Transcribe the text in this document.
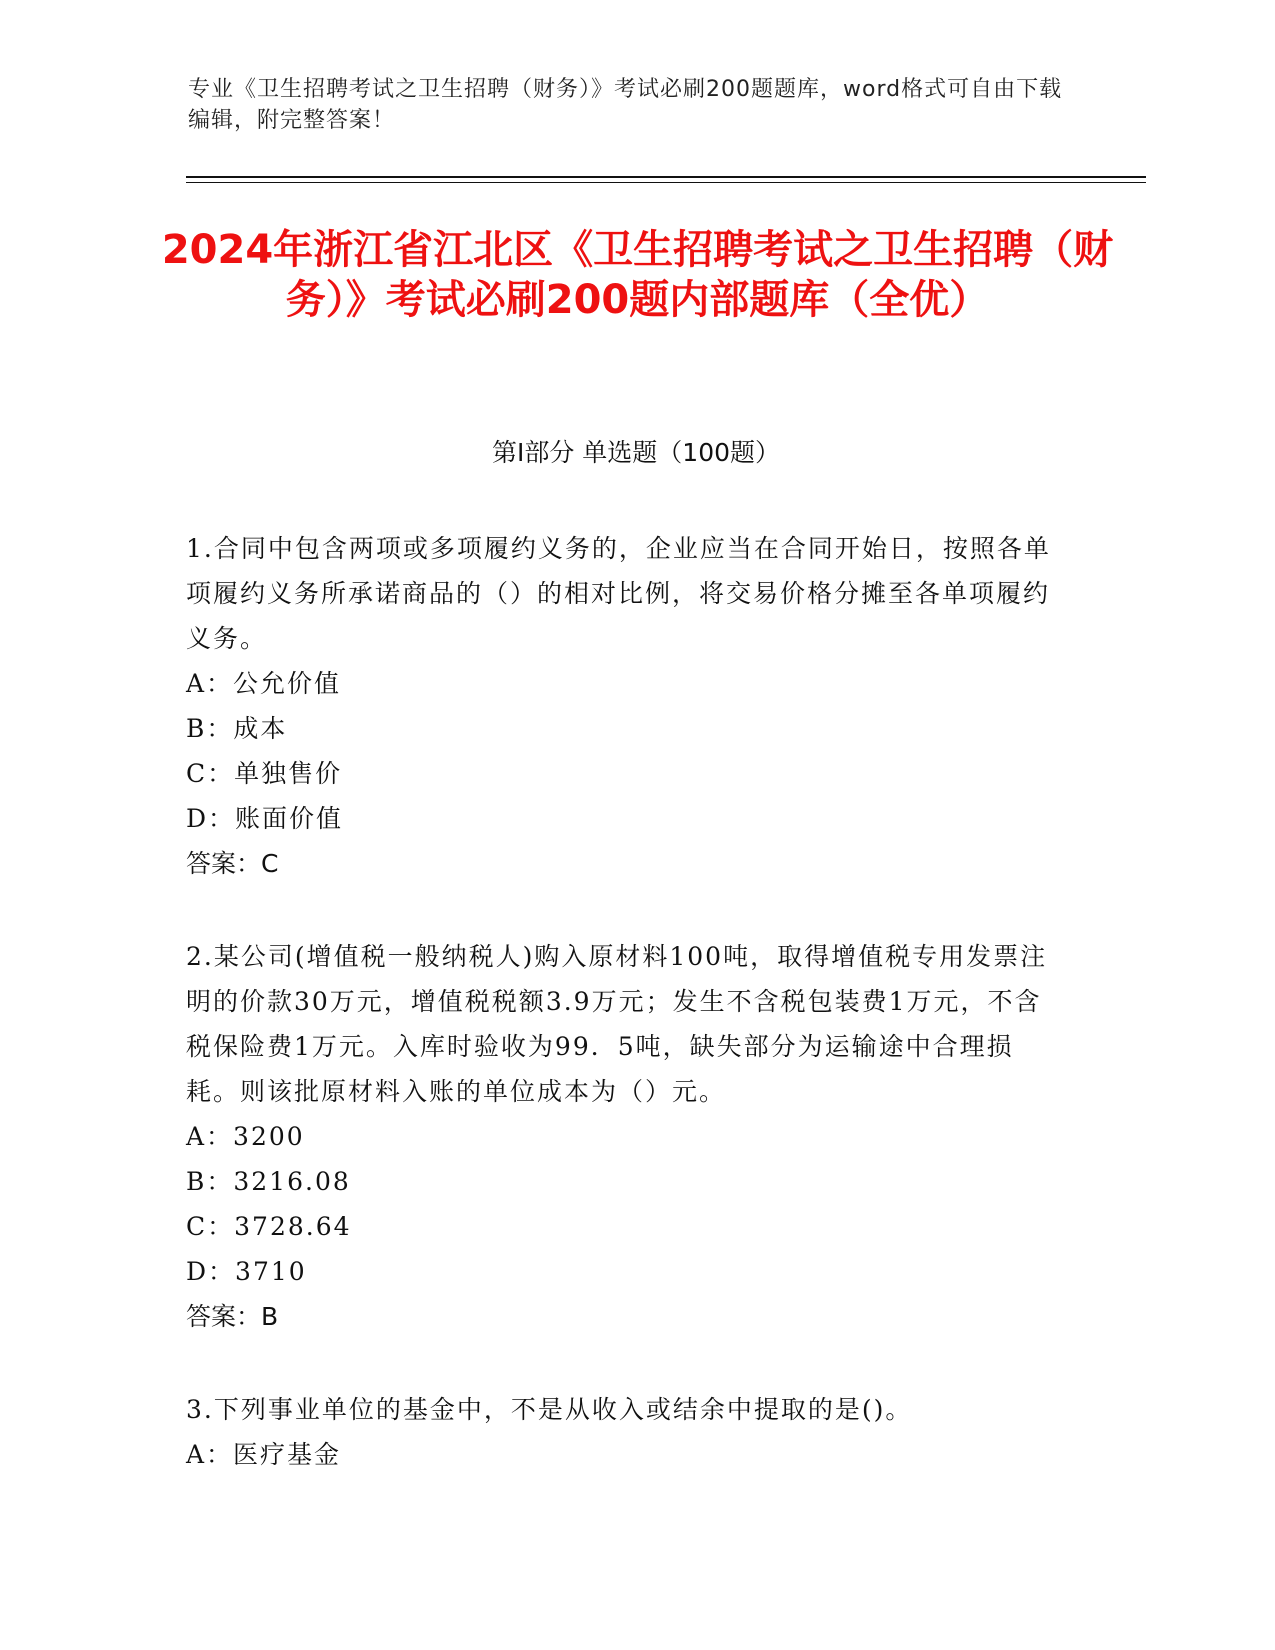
专业《卫生招聘考试之卫生招聘（财务）》考试必刷200题题库，word格式可自由下载编辑，附完整答案！
2024年浙江省江北区《卫生招聘考试之卫生招聘（财务）》考试必刷200题内部题库（全优）
第Ⅰ部分 单选题（100题）

1.合同中包含两项或多项履约义务的，企业应当在合同开始日，按照各单项履约义务所承诺商品的（）的相对比例，将交易价格分摊至各单项履约义务。

A：公允价值

B：成本

C：单独售价

D：账面价值

答案：C

2.某公司(增值税一般纳税人)购入原材料100吨，取得增值税专用发票注明的价款30万元，增值税税额3.9万元；发生不含税包装费1万元，不含税保险费1万元。入库时验收为99．5吨，缺失部分为运输途中合理损耗。则该批原材料入账的单位成本为（）元。

A：3200

B：3216.08

C：3728.64

D：3710

答案：B

3.下列事业单位的基金中，不是从收入或结余中提取的是()。

A：医疗基金
